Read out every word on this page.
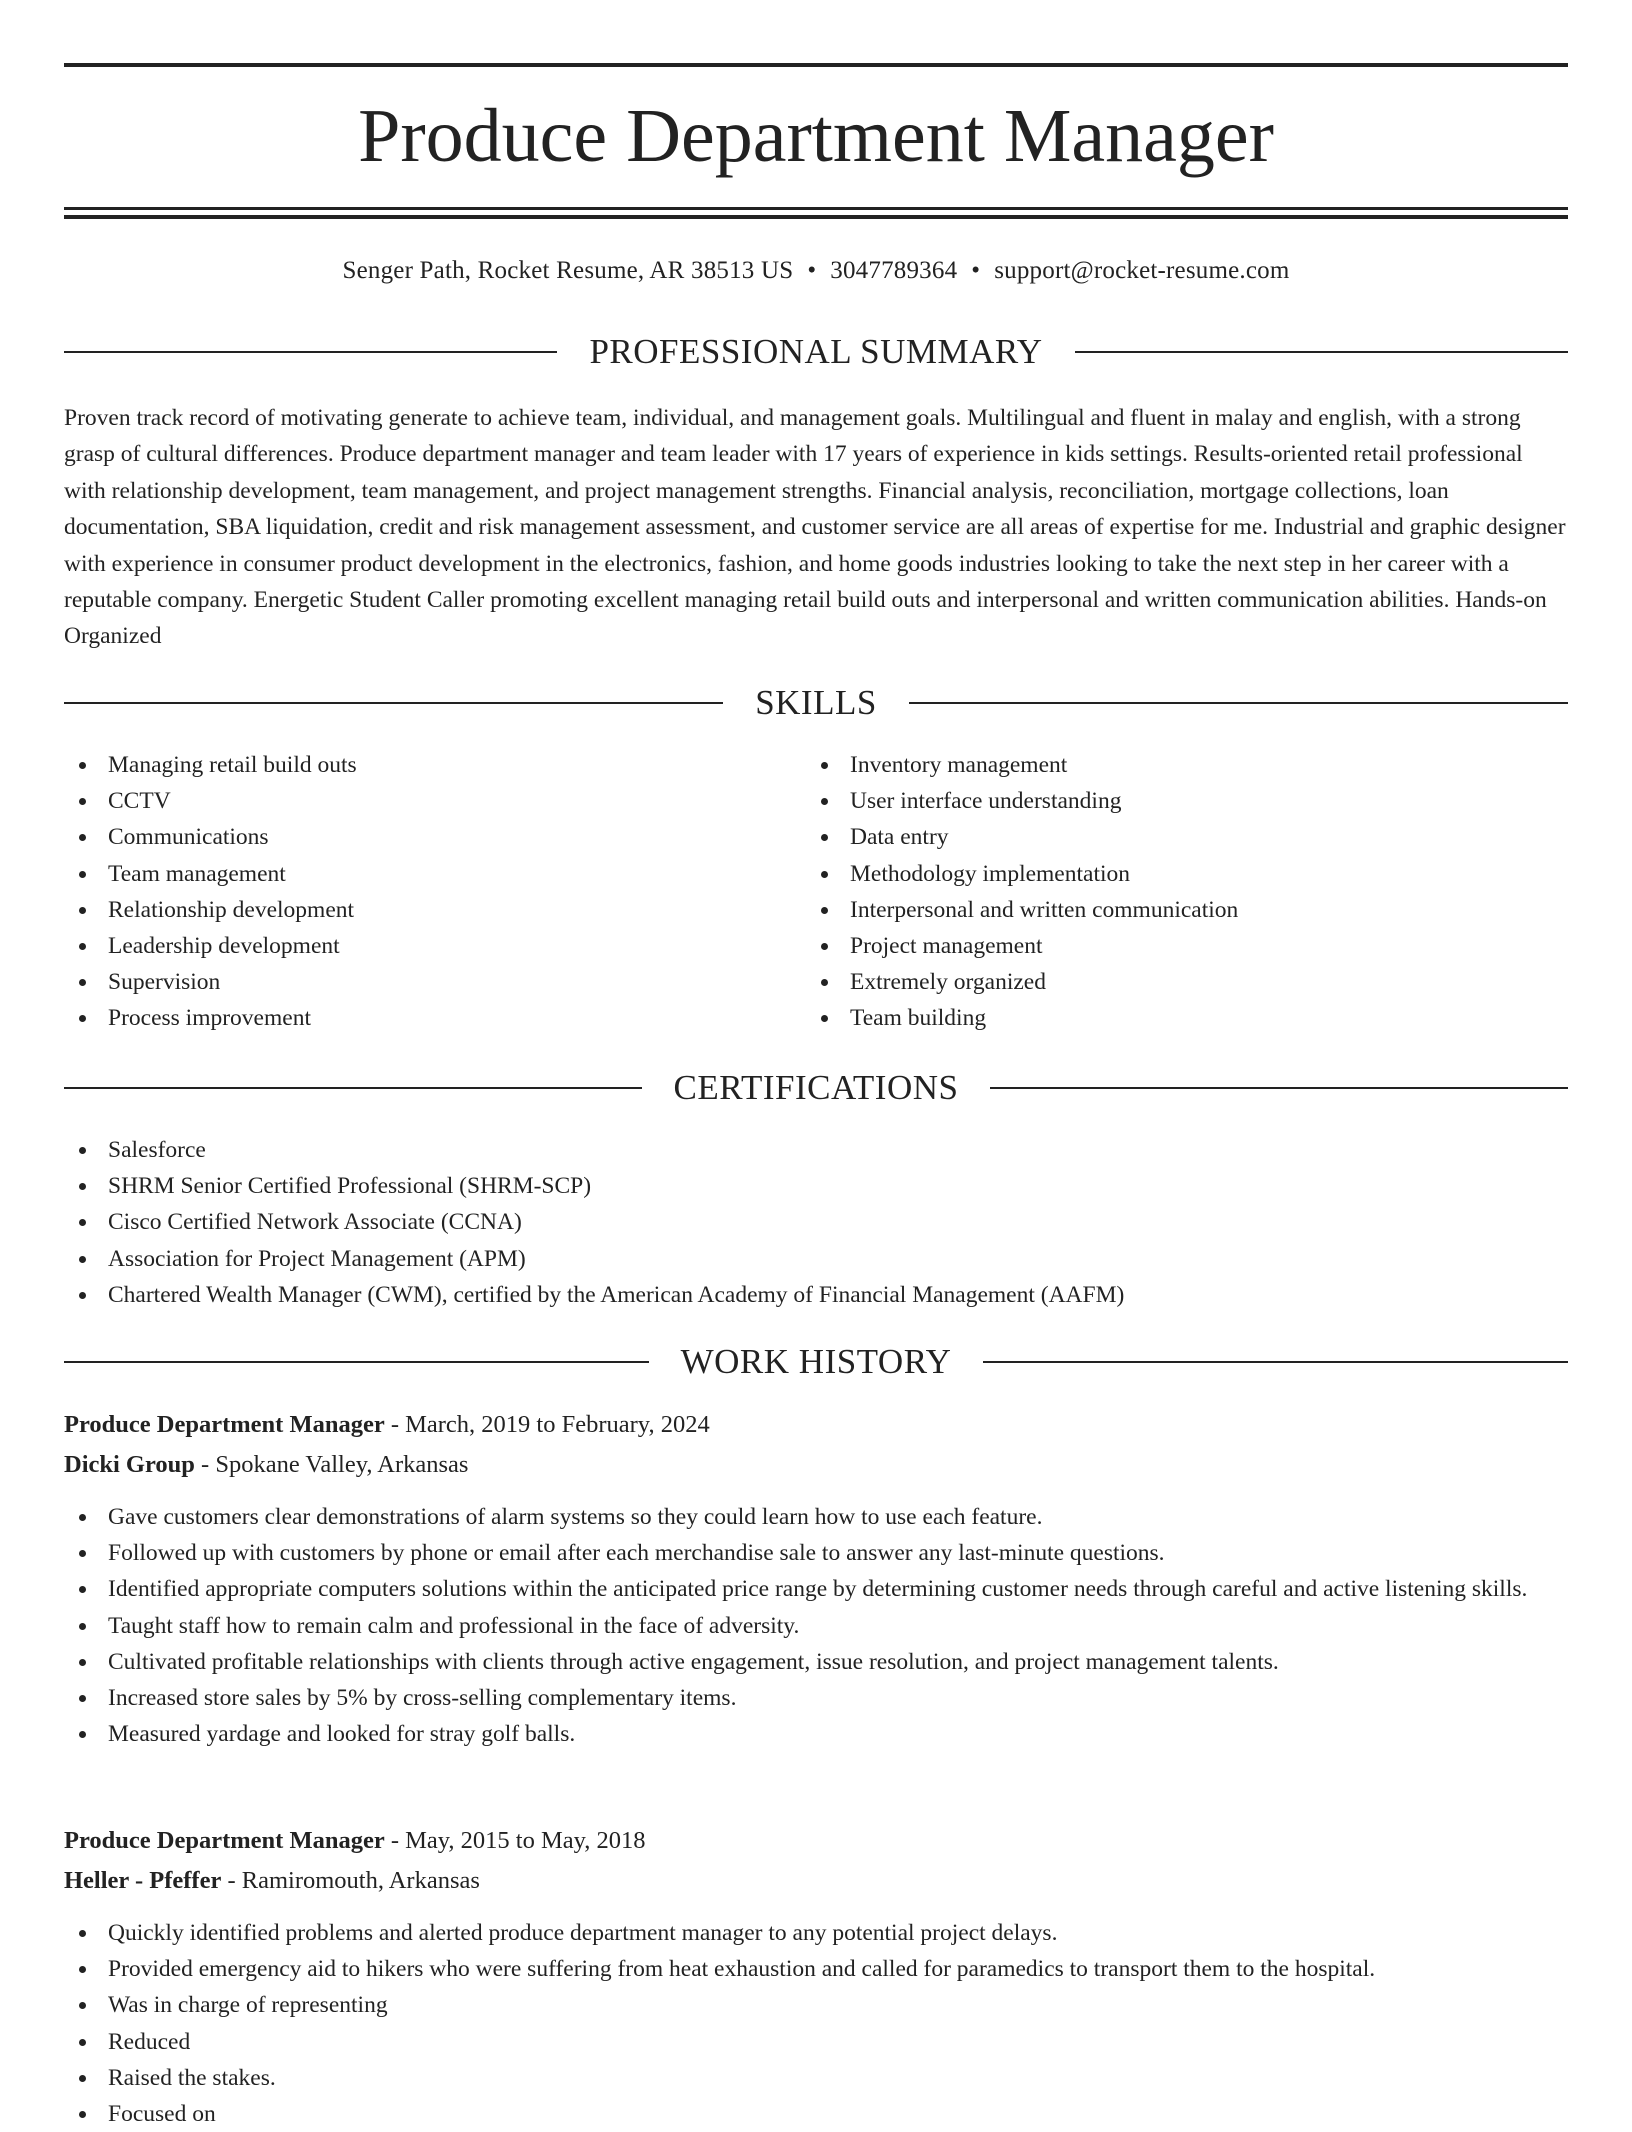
Produce Department Manager
Senger Path, Rocket Resume, AR 38513 US • 3047789364 • support@rocket-resume.com
PROFESSIONAL SUMMARY

Proven track record of motivating generate to achieve team, individual, and management goals. Multilingual and fluent in malay and english, with a strong grasp of cultural differences. Produce department manager and team leader with 17 years of experience in kids settings. Results-oriented retail professional with relationship development, team management, and project management strengths. Financial analysis, reconciliation, mortgage collections, loan documentation, SBA liquidation, credit and risk management assessment, and customer service are all areas of expertise for me. Industrial and graphic designer with experience in consumer product development in the electronics, fashion, and home goods industries looking to take the next step in her career with a reputable company. Energetic Student Caller promoting excellent managing retail build outs and interpersonal and written communication abilities. Hands-on Organized

SKILLS
Managing retail build outs
CCTV
Communications
Team management
Relationship development
Leadership development
Supervision
Process improvement
Inventory management
User interface understanding
Data entry
Methodology implementation
Interpersonal and written communication
Project management
Extremely organized
Team building
CERTIFICATIONS
Salesforce
SHRM Senior Certified Professional (SHRM-SCP)
Cisco Certified Network Associate (CCNA)
Association for Project Management (APM)
Chartered Wealth Manager (CWM), certified by the American Academy of Financial Management (AAFM)
WORK HISTORY
Produce Department Manager - March, 2019 to February, 2024
Dicki Group - Spokane Valley, Arkansas
Gave customers clear demonstrations of alarm systems so they could learn how to use each feature.
Followed up with customers by phone or email after each merchandise sale to answer any last-minute questions.
Identified appropriate computers solutions within the anticipated price range by determining customer needs through careful and active listening skills.
Taught staff how to remain calm and professional in the face of adversity.
Cultivated profitable relationships with clients through active engagement, issue resolution, and project management talents.
Increased store sales by 5% by cross-selling complementary items.
Measured yardage and looked for stray golf balls.
Produce Department Manager - May, 2015 to May, 2018
Heller - Pfeffer - Ramiromouth, Arkansas
Quickly identified problems and alerted produce department manager to any potential project delays.
Provided emergency aid to hikers who were suffering from heat exhaustion and called for paramedics to transport them to the hospital.
Was in charge of representing
Reduced
Raised the stakes.
Focused on
